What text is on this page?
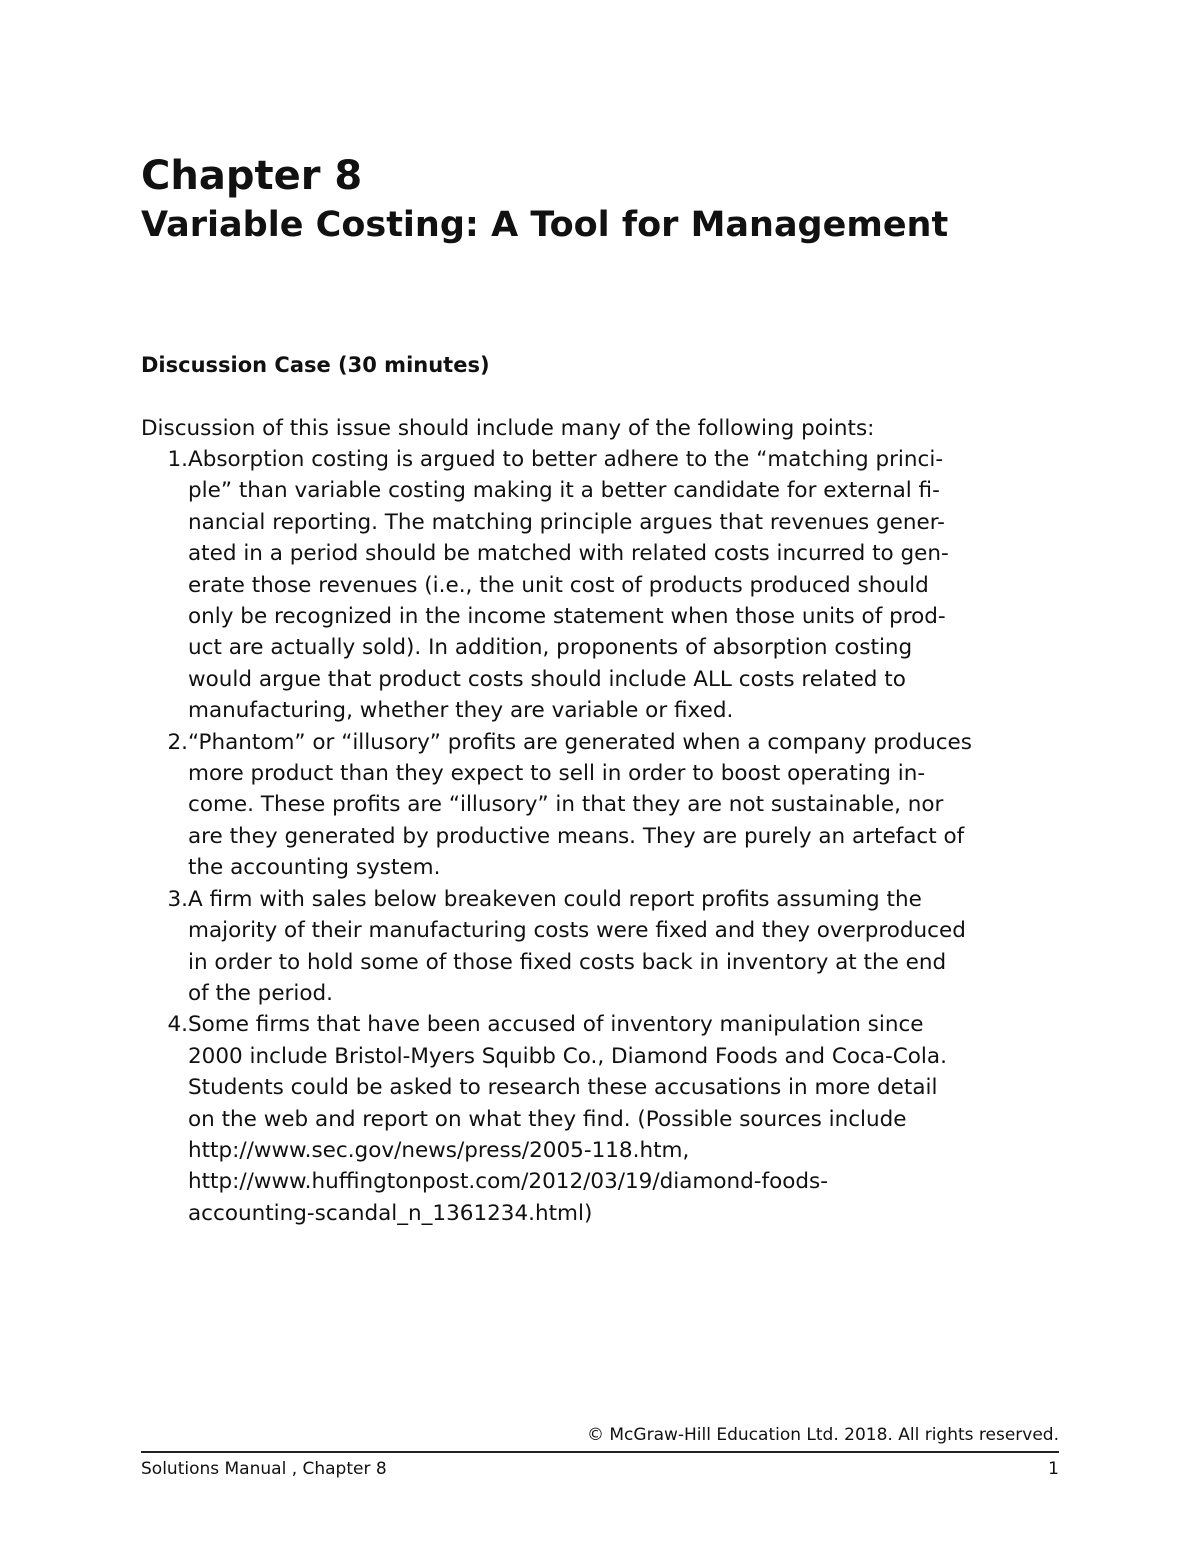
Chapter 8
Variable Costing: A Tool for Management
Discussion Case (30 minutes)

Discussion of this issue should include many of the following points:

1. Absorption costing is argued to better adhere to the “matching princi-
ple” than variable costing making it a better candidate for external fi-
nancial reporting. The matching principle argues that revenues gener-
ated in a period should be matched with related costs incurred to gen-
erate those revenues (i.e., the unit cost of products produced should
only be recognized in the income statement when those units of prod-
uct are actually sold). In addition, proponents of absorption costing
would argue that product costs should include ALL costs related to
manufacturing, whether they are variable or fixed.
2. “Phantom” or “illusory” profits are generated when a company produces
more product than they expect to sell in order to boost operating in-
come. These profits are “illusory” in that they are not sustainable, nor
are they generated by productive means. They are purely an artefact of
the accounting system.
3. A firm with sales below breakeven could report profits assuming the
majority of their manufacturing costs were fixed and they overproduced
in order to hold some of those fixed costs back in inventory at the end
of the period.
4. Some firms that have been accused of inventory manipulation since
2000 include Bristol-Myers Squibb Co., Diamond Foods and Coca-Cola.
Students could be asked to research these accusations in more detail
on the web and report on what they find. (Possible sources include
http://www.sec.gov/news/press/2005-118.htm,
http://www.huffingtonpost.com/2012/03/19/diamond-foods-
accounting-scandal_n_1361234.html)

© McGraw-Hill Education Ltd. 2018. All rights reserved.

Solutions Manual , Chapter 8	1
